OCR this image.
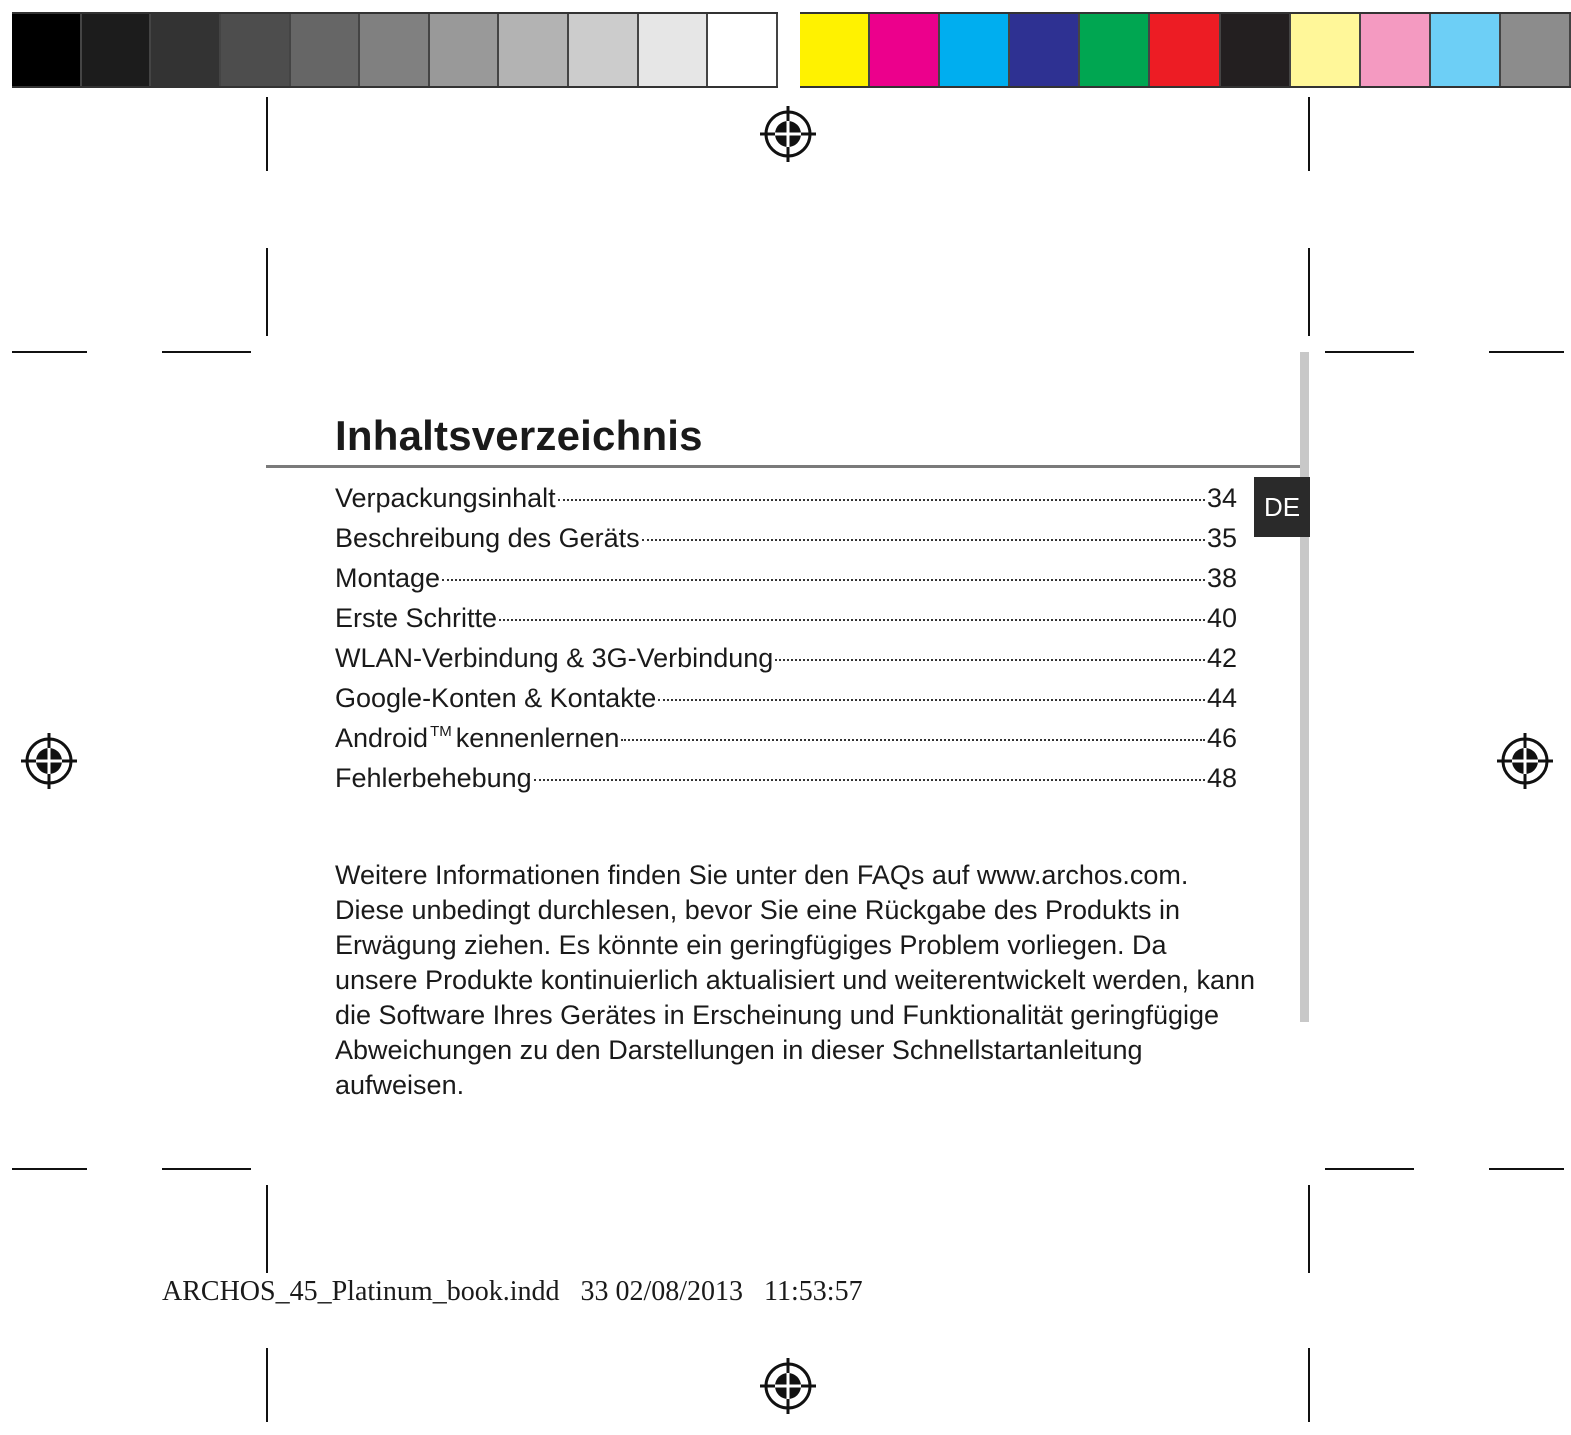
Inhaltsverzeichnis
DE
Verpackungsinhalt	34
Beschreibung des Geräts	35
Montage	38
Erste Schritte	40
WLAN-Verbindung & 3G-Verbindung	42
Google-Konten & Kontakte	44
Android ™ kennenlernen	46
Fehlerbehebung	48

Weitere Informationen finden Sie unter den FAQs auf www.archos.com. Diese unbedingt durchlesen, bevor Sie eine Rückgabe des Produkts in Erwägung ziehen. Es könnte ein geringfügiges Problem vorliegen. Da unsere Produkte kontinuierlich aktualisiert und weiterentwickelt werden, kann die Software Ihres Gerätes in Erscheinung und Funktionalität geringfügige Abweichungen zu den Darstellungen in dieser Schnellstartanleitung aufweisen.

ARCHOS_45_Platinum_book.indd 33 02/08/2013 11:53:57
